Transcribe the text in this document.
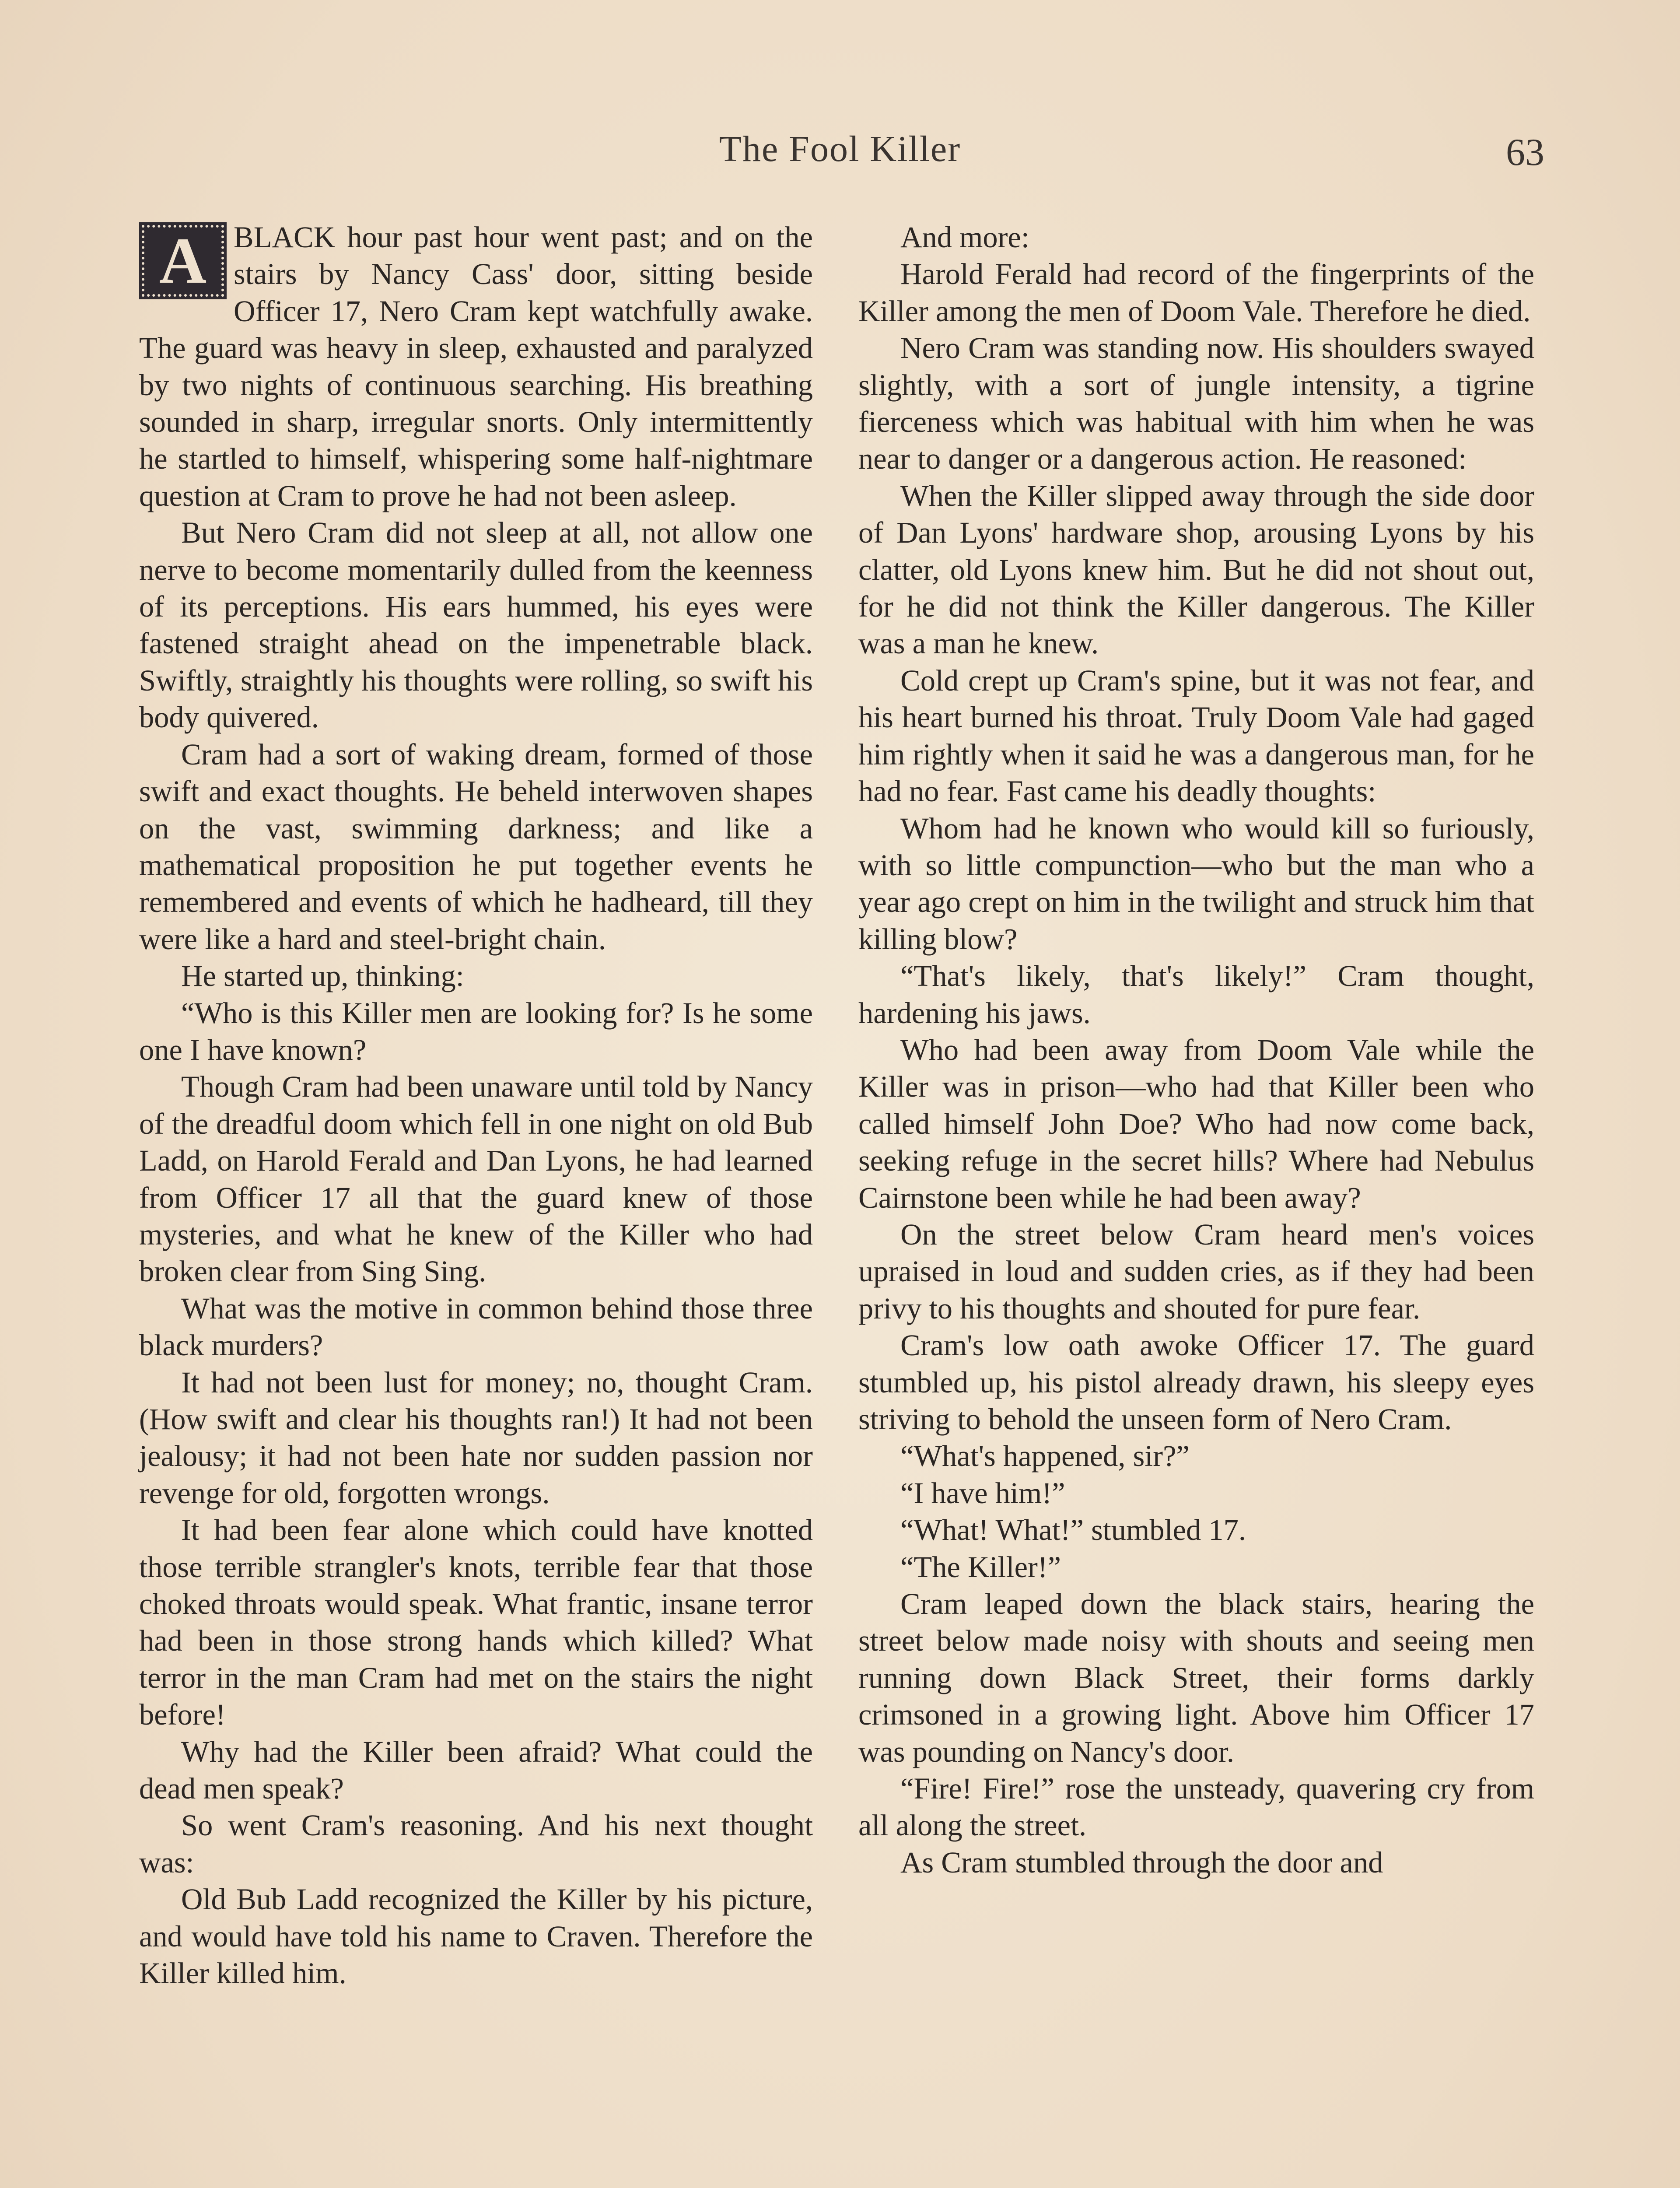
The Fool Killer	63
A BLACK hour past hour went past; and on the stairs by Nancy Cass' door, sitting beside Officer 17, Nero Cram kept watchfully awake. The guard was heavy in sleep, exhausted and paralyzed by two nights of continuous searching. His breathing sounded in sharp, irregular snorts. Only intermittently he startled to himself, whispering some half-nightmare question at Cram to prove he had not been asleep.

But Nero Cram did not sleep at all, not allow one nerve to become momentarily dulled from the keenness of its perceptions. His ears hummed, his eyes were fastened straight ahead on the impenetrable black. Swiftly, straightly his thoughts were rolling, so swift his body quivered.

Cram had a sort of waking dream, formed of those swift and exact thoughts. He beheld interwoven shapes on the vast, swimming darkness; and like a mathematical proposition he put together events he remembered and events of which he hadheard, till they were like a hard and steel-bright chain.

He started up, thinking:

“Who is this Killer men are looking for? Is he some one I have known?

Though Cram had been unaware until told by Nancy of the dreadful doom which fell in one night on old Bub Ladd, on Harold Ferald and Dan Lyons, he had learned from Officer 17 all that the guard knew of those mysteries, and what he knew of the Killer who had broken clear from Sing Sing.

What was the motive in common behind those three black murders?

It had not been lust for money; no, thought Cram. (How swift and clear his thoughts ran!) It had not been jealousy; it had not been hate nor sudden passion nor revenge for old, forgotten wrongs.

It had been fear alone which could have knotted those terrible strangler's knots, terrible fear that those choked throats would speak. What frantic, insane terror had been in those strong hands which killed? What terror in the man Cram had met on the stairs the night before!

Why had the Killer been afraid? What could the dead men speak?

So went Cram's reasoning. And his next thought was:

Old Bub Ladd recognized the Killer by his picture, and would have told his name to Craven. Therefore the Killer killed him.

And more:

Harold Ferald had record of the fingerprints of the Killer among the men of Doom Vale. Therefore he died.

Nero Cram was standing now. His shoulders swayed slightly, with a sort of jungle intensity, a tigrine fierceness which was habitual with him when he was near to danger or a dangerous action. He reasoned:

When the Killer slipped away through the side door of Dan Lyons' hardware shop, arousing Lyons by his clatter, old Lyons knew him. But he did not shout out, for he did not think the Killer dangerous. The Killer was a man he knew.

Cold crept up Cram's spine, but it was not fear, and his heart burned his throat. Truly Doom Vale had gaged him rightly when it said he was a dangerous man, for he had no fear. Fast came his deadly thoughts:

Whom had he known who would kill so furiously, with so little compunction—who but the man who a year ago crept on him in the twilight and struck him that killing blow?

“That's likely, that's likely!” Cram thought, hardening his jaws.

Who had been away from Doom Vale while the Killer was in prison—who had that Killer been who called himself John Doe? Who had now come back, seeking refuge in the secret hills? Where had Nebulus Cairnstone been while he had been away?

On the street below Cram heard men's voices upraised in loud and sudden cries, as if they had been privy to his thoughts and shouted for pure fear.

Cram's low oath awoke Officer 17. The guard stumbled up, his pistol already drawn, his sleepy eyes striving to behold the unseen form of Nero Cram.

“What's happened, sir?”

“I have him!”

“What! What!” stumbled 17.

“The Killer!”

Cram leaped down the black stairs, hearing the street below made noisy with shouts and seeing men running down Black Street, their forms darkly crimsoned in a growing light. Above him Officer 17 was pounding on Nancy's door.

“Fire! Fire!” rose the unsteady, quavering cry from all along the street.

As Cram stumbled through the door and
